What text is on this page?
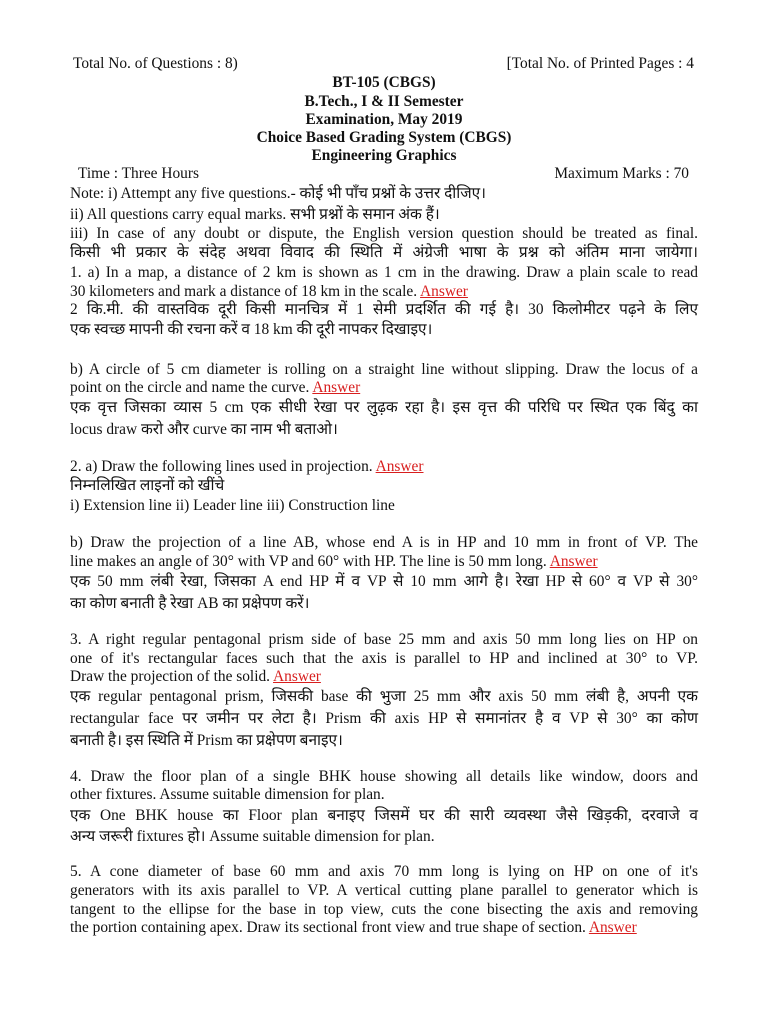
Total No. of Questions : 8)	[Total No. of Printed Pages : 4
BT-105 (CBGS)
B.Tech., I & II Semester
Examination, May 2019
Choice Based Grading System (CBGS)
Engineering Graphics
Time : Three Hours	Maximum Marks : 70
Note: i) Attempt any five questions.- कोई भी पाँच प्रश्नों के उत्तर दीजिए।
ii) All questions carry equal marks. सभी प्रश्नों के समान अंक हैं।
iii) In case of any doubt or dispute, the English version question should be treated as final.
किसी भी प्रकार के संदेह अथवा विवाद की स्थिति में अंग्रेजी भाषा के प्रश्न को अंतिम माना जायेगा।
1. a) In a map, a distance of 2 km is shown as 1 cm in the drawing. Draw a plain scale to read
30 kilometers and mark a distance of 18 km in the scale. Answer
2 कि.मी. की वास्तविक दूरी किसी मानचित्र में 1 सेमी प्रदर्शित की गई है। 30 किलोमीटर पढ़ने के लिए
एक स्वच्छ मापनी की रचना करें व 18 km की दूरी नापकर दिखाइए।
b) A circle of 5 cm diameter is rolling on a straight line without slipping. Draw the locus of a
point on the circle and name the curve. Answer
एक वृत्त जिसका व्यास 5 cm एक सीधी रेखा पर लुढ़क रहा है। इस वृत्त की परिधि पर स्थित एक बिंदु का
locus draw करो और curve का नाम भी बताओ।
2. a) Draw the following lines used in projection. Answer
निम्नलिखित लाइनों को खींचे
i) Extension line ii) Leader line iii) Construction line
b) Draw the projection of a line AB, whose end A is in HP and 10 mm in front of VP. The
line makes an angle of 30° with VP and 60° with HP. The line is 50 mm long. Answer
एक 50 mm लंबी रेखा, जिसका A end HP में व VP से 10 mm आगे है। रेखा HP से 60° व VP से 30°
का कोण बनाती है रेखा AB का प्रक्षेपण करें।
3. A right regular pentagonal prism side of base 25 mm and axis 50 mm long lies on HP on
one of it's rectangular faces such that the axis is parallel to HP and inclined at 30° to VP.
Draw the projection of the solid. Answer
एक regular pentagonal prism, जिसकी base की भुजा 25 mm और axis 50 mm लंबी है, अपनी एक
rectangular face पर जमीन पर लेटा है। Prism की axis HP से समानांतर है व VP से 30° का कोण
बनाती है। इस स्थिति में Prism का प्रक्षेपण बनाइए।
4. Draw the floor plan of a single BHK house showing all details like window, doors and
other fixtures. Assume suitable dimension for plan.
एक One BHK house का Floor plan बनाइए जिसमें घर की सारी व्यवस्था जैसे खिड़की, दरवाजे व
अन्य जरूरी fixtures हो। Assume suitable dimension for plan.
5. A cone diameter of base 60 mm and axis 70 mm long is lying on HP on one of it's
generators with its axis parallel to VP. A vertical cutting plane parallel to generator which is
tangent to the ellipse for the base in top view, cuts the cone bisecting the axis and removing
the portion containing apex. Draw its sectional front view and true shape of section. Answer
